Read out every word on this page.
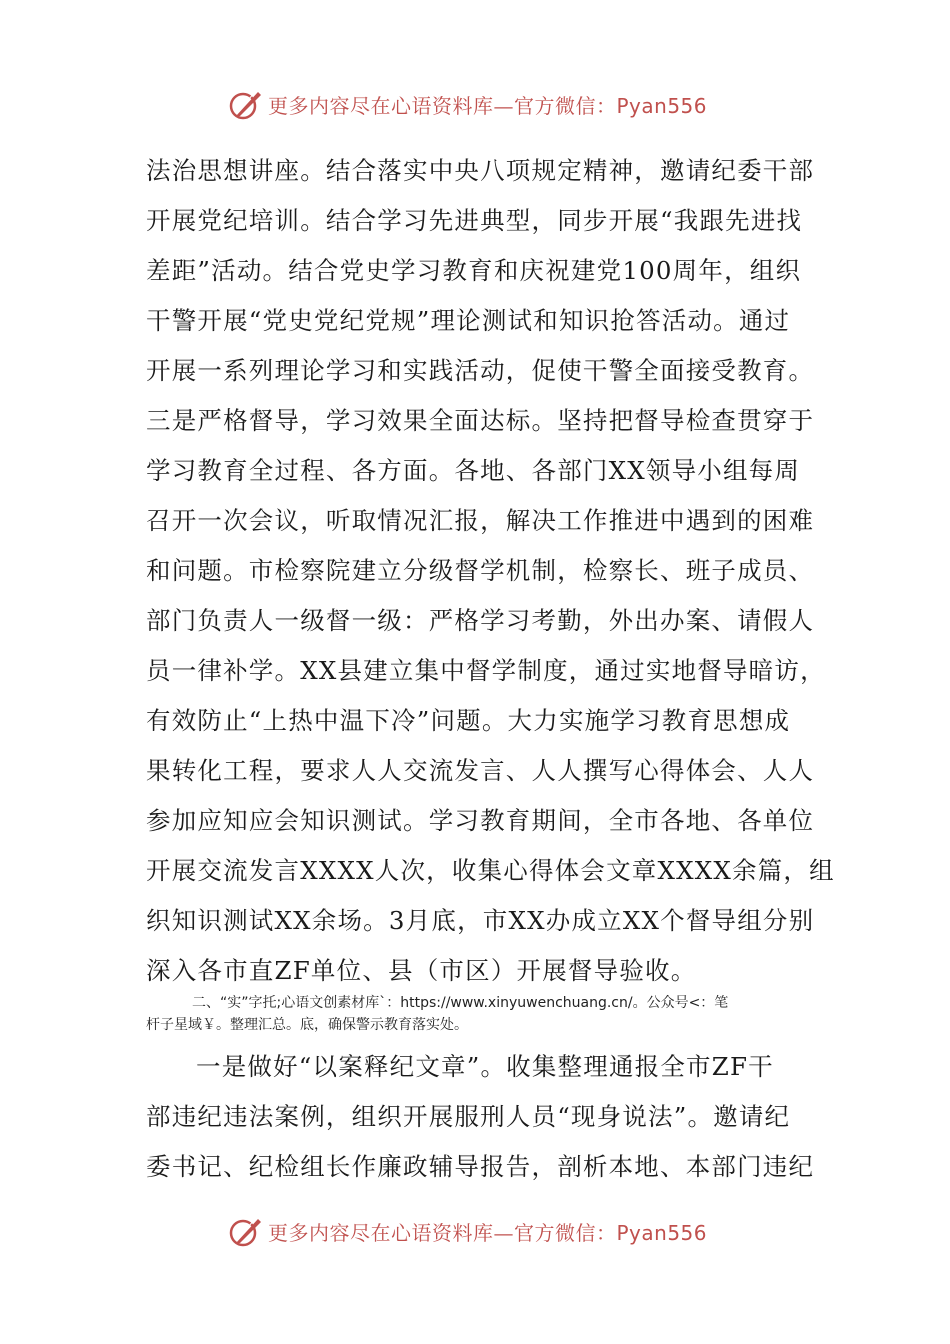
更多内容尽在心语资料库—官方微信：Pyan556
法治思想讲座。结合落实中央八项规定精神，邀请纪委干部
开展党纪培训。结合学习先进典型，同步开展“我跟先进找
差距”活动。结合党史学习教育和庆祝建党100周年，组织
干警开展“党史党纪党规”理论测试和知识抢答活动。通过
开展一系列理论学习和实践活动，促使干警全面接受教育。
三是严格督导，学习效果全面达标。坚持把督导检查贯穿于
学习教育全过程、各方面。各地、各部门XX领导小组每周
召开一次会议，听取情况汇报，解决工作推进中遇到的困难
和问题。市检察院建立分级督学机制，检察长、班子成员、
部门负责人一级督一级：严格学习考勤，外出办案、请假人
员一律补学。XX县建立集中督学制度，通过实地督导暗访，
有效防止“上热中温下冷”问题。大力实施学习教育思想成
果转化工程，要求人人交流发言、人人撰写心得体会、人人
参加应知应会知识测试。学习教育期间，全市各地、各单位
开展交流发言XXXX人次，收集心得体会文章XXXX余篇，组
织知识测试XX余场。3月底，市XX办成立XX个督导组分别
深入各市直ZF单位、县（市区）开展督导验收。
二、“实”字托;心语文创素材库`：https://www.xinyuwenchuang.cn/。公众号<：笔
杆子星域￥。整理汇总。底，确保警示教育落实处。
一是做好“以案释纪文章”。收集整理通报全市ZF干
部违纪违法案例，组织开展服刑人员“现身说法”。邀请纪
委书记、纪检组长作廉政辅导报告，剖析本地、本部门违纪
更多内容尽在心语资料库—官方微信：Pyan556
